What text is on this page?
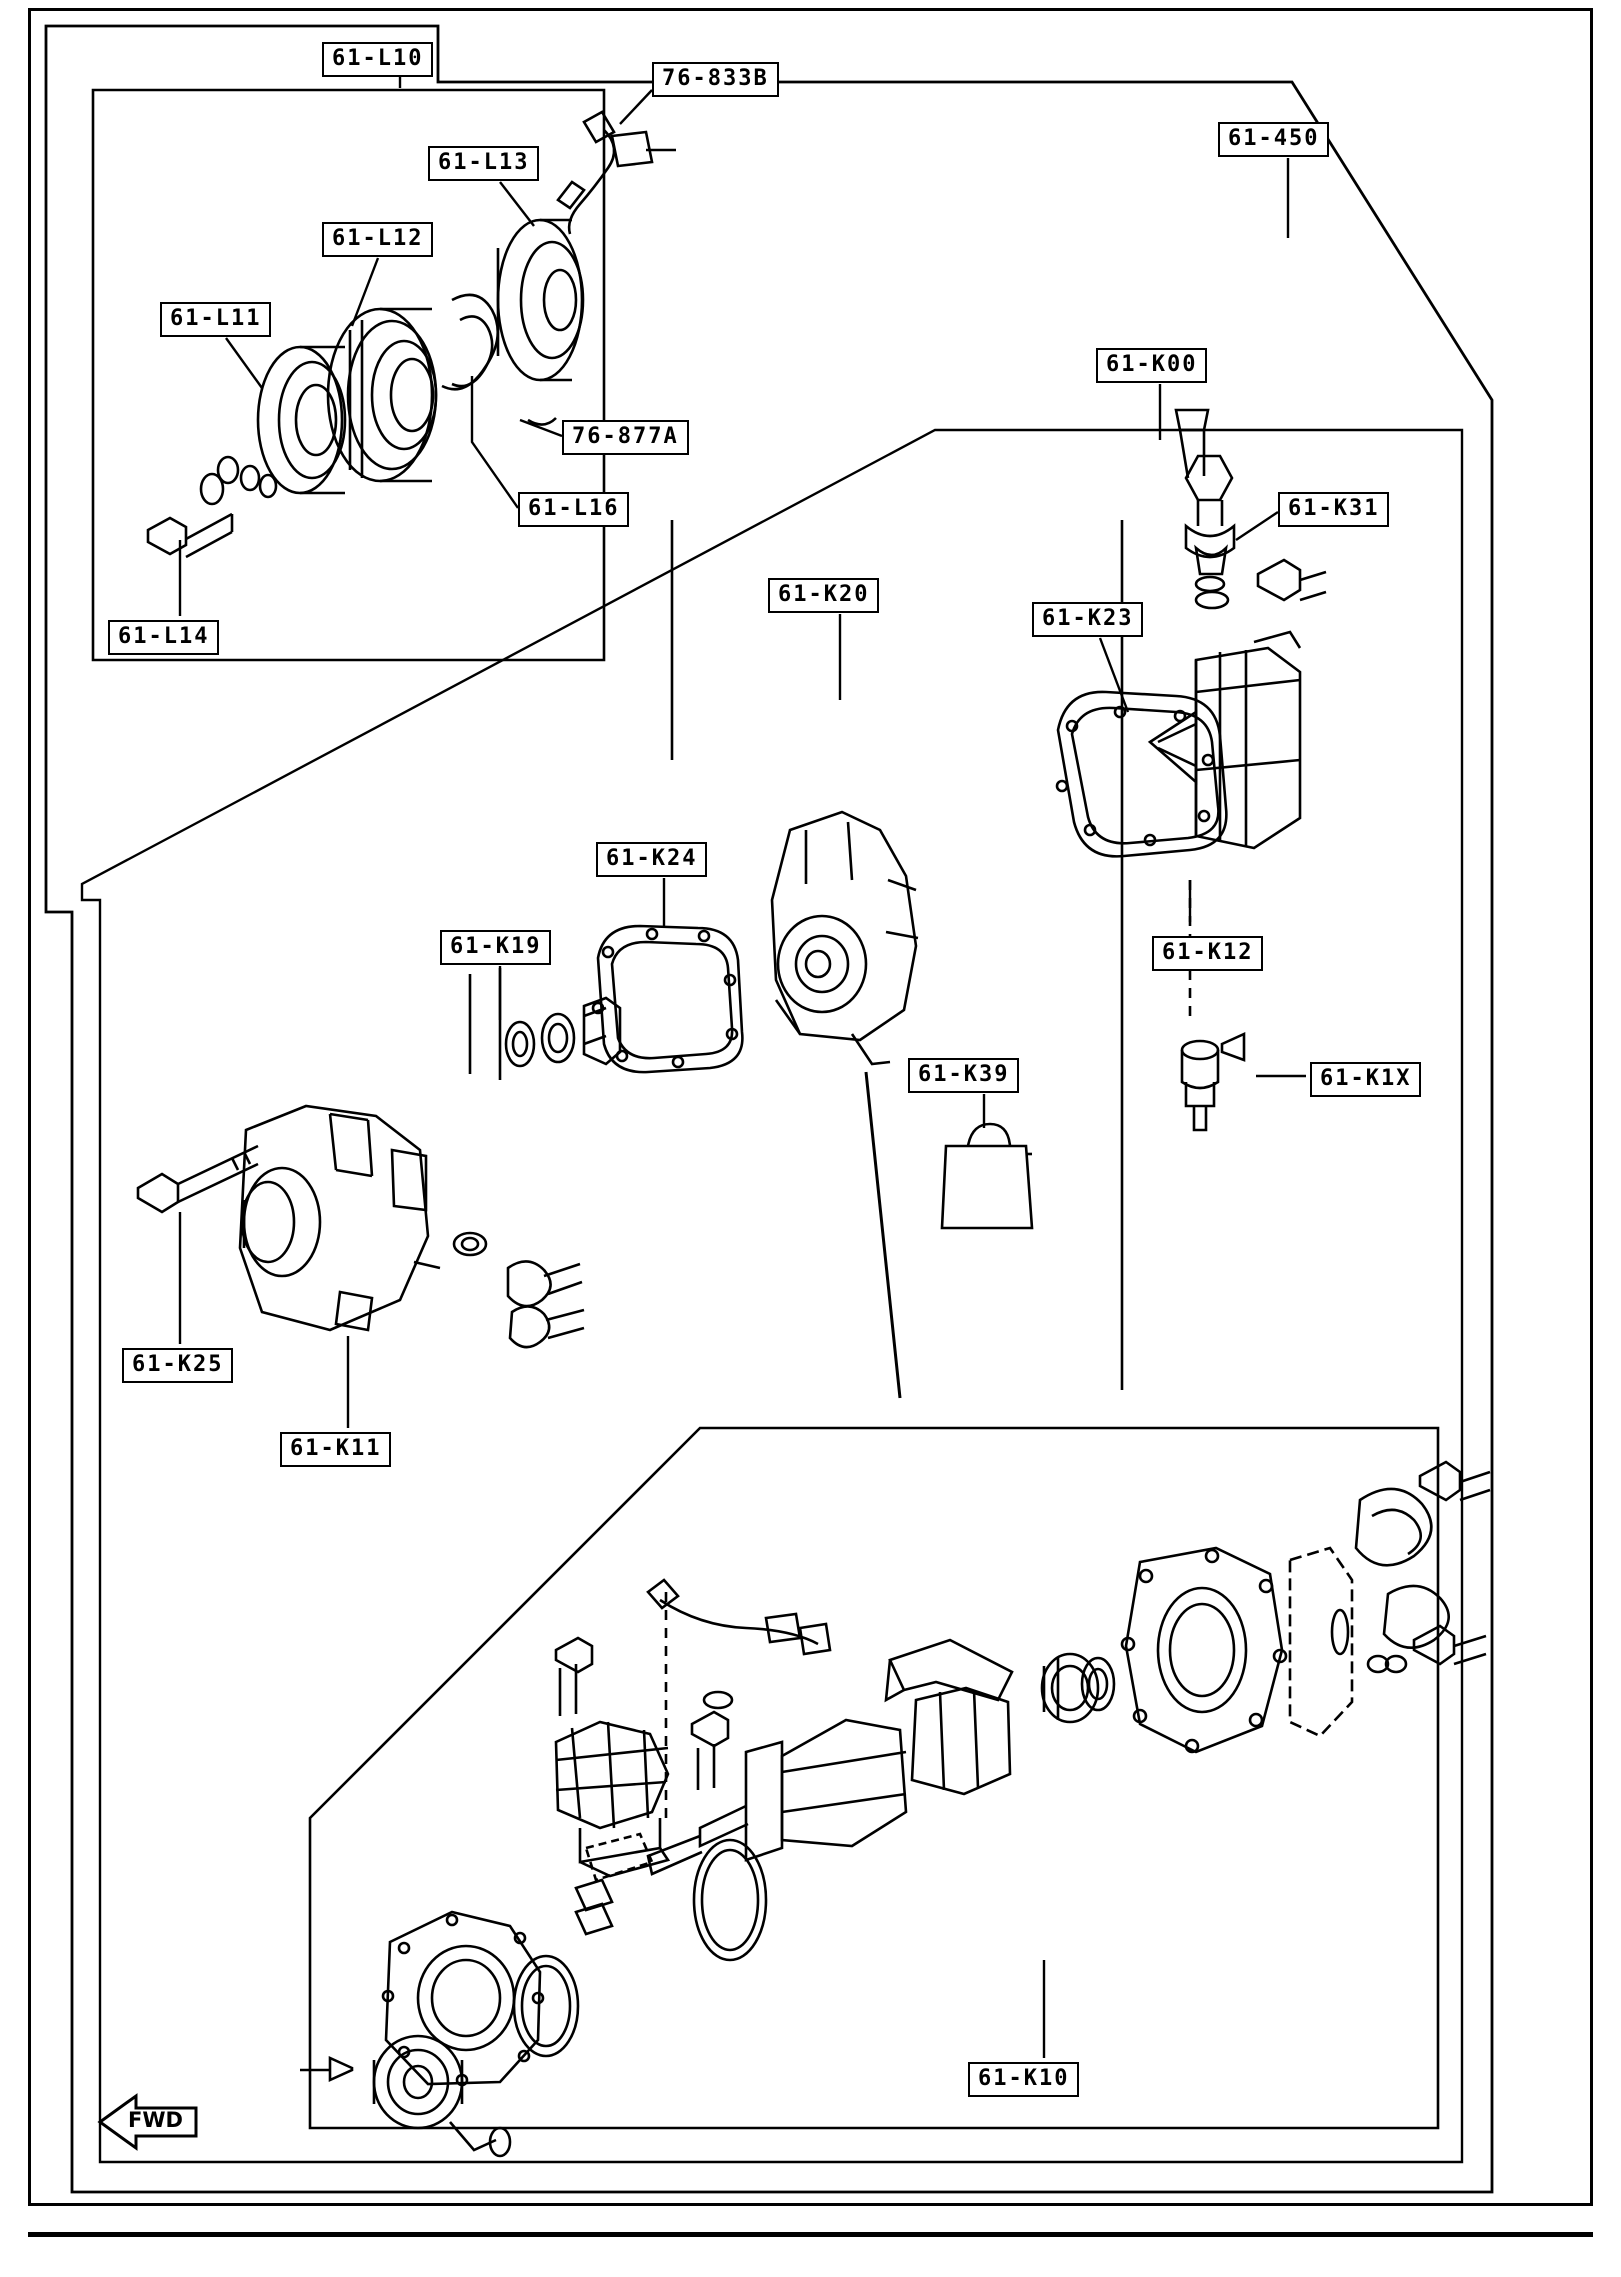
FWD
61-L10
76-833B
61-450
61-L13
61-L12
61-K00
61-L11
76-877A
61-L16	61-K31
61-K20
61-K23
61-L14
61-K24
61-K12
61-K19
61-K39	61-K1X
61-K25
61-K11
61-K10
